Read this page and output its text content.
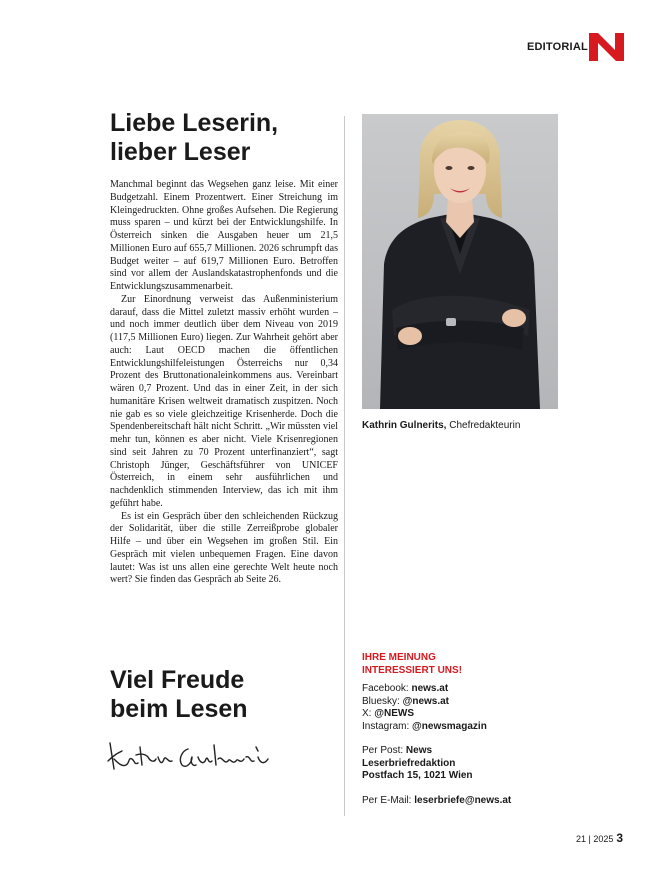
EDITORIAL
Liebe Leserin,
lieber Leser

Manchmal beginnt das Wegsehen ganz leise. Mit einer Budgetzahl. Einem Prozentwert. Einer Streichung im Kleingedruckten. Ohne großes Aufsehen. Die Regierung muss sparen – und kürzt bei der Entwicklungshilfe. In Österreich sinken die Ausgaben heuer um 21,5 Millionen Euro auf 655,7 Millionen. 2026 schrumpft das Budget weiter – auf 619,7 Millionen Euro. Betroffen sind vor allem der Auslandskatastrophenfonds und die Entwicklungszusammenarbeit.

Zur Einordnung verweist das Außenministerium darauf, dass die Mittel zuletzt massiv erhöht wurden – und noch immer deutlich über dem Niveau von 2019 (117,5 Millionen Euro) liegen. Zur Wahrheit gehört aber auch: Laut OECD machen die öffentlichen Entwicklungshilfeleistungen Österreichs nur 0,34 Prozent des Bruttonationaleinkommens aus. Vereinbart wären 0,7 Prozent. Und das in einer Zeit, in der sich humanitäre Krisen weltweit dramatisch zuspitzen. Noch nie gab es so viele gleichzeitige Krisenherde. Doch die Spendenbereitschaft hält nicht Schritt. „Wir müssten viel mehr tun, können es aber nicht. Viele Krisenregionen sind seit Jahren zu 70 Prozent unterfinanziert“, sagt Christoph Jünger, Geschäftsführer von UNICEF Österreich, in einem sehr ausführlichen und nachdenklich stimmenden Interview, das ich mit ihm geführt habe.

Es ist ein Gespräch über den schleichenden Rückzug der Solidarität, über die stille Zerreißprobe globaler Hilfe – und über ein Wegsehen im großen Stil. Ein Gespräch mit vielen unbequemen Fragen. Eine davon lautet: Was ist uns allen eine gerechte Welt heute noch wert? Sie finden das Gespräch ab Seite 26.

Viel Freude
beim Lesen
Kathrin Gulnerits, Chefredakteurin
IHRE MEINUNG
INTERESSIERT UNS!
Facebook: news.at
Bluesky: @news.at
X: @NEWS
Instagram: @newsmagazin
Per Post: News
Leserbriefredaktion
Postfach 15, 1021 Wien
Per E-Mail: leserbriefe@news.at
21 | 2025 3
